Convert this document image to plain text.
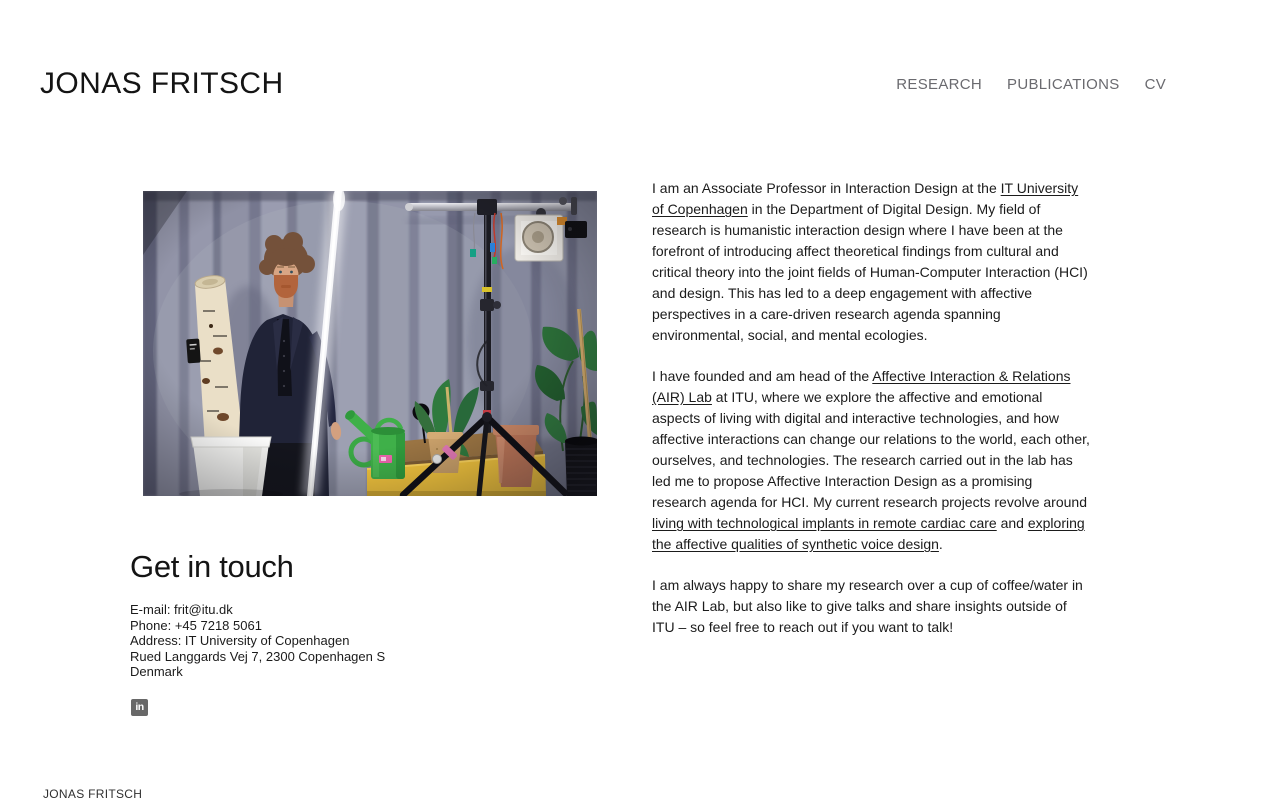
JONAS FRITSCH	RESEARCH PUBLICATIONS CV
Get in touch
E-mail: frit@itu.dk
Phone: +45 7218 5061
Address: IT University of Copenhagen
Rued Langgards Vej 7, 2300 Copenhagen S
Denmark
in

I am an Associate Professor in Interaction Design at the IT University of Copenhagen in the Department of Digital Design. My field of research is humanistic interaction design where I have been at the forefront of introducing affect theoretical findings from cultural and critical theory into the joint fields of Human-Computer Interaction (HCI) and design. This has led to a deep engagement with affective perspectives in a care-driven research agenda spanning environmental, social, and mental ecologies.

I have founded and am head of the Affective Interaction & Relations (AIR) Lab at ITU, where we explore the affective and emotional aspects of living with digital and interactive technologies, and how affective interactions can change our relations to the world, each other, ourselves, and technologies. The research carried out in the lab has led me to propose Affective Interaction Design as a promising research agenda for HCI. My current research projects revolve around living with technological implants in remote cardiac care and exploring the affective qualities of synthetic voice design.

I am always happy to share my research over a cup of coffee/water in the AIR Lab, but also like to give talks and share insights outside of ITU – so feel free to reach out if you want to talk!

JONAS FRITSCH
